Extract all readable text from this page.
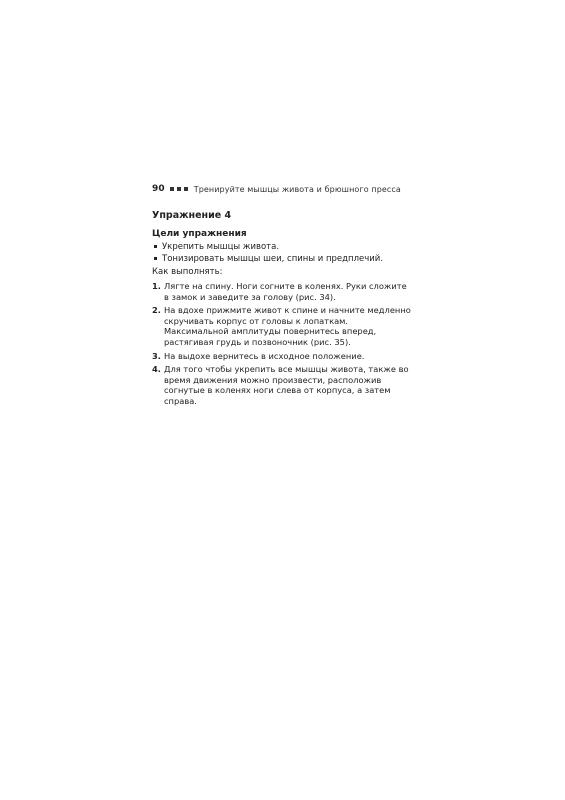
90	Тренируйте мышцы живота и брюшного пресса
Упражнение 4
Цели упражнения
Укрепить мышцы живота.
Тонизировать мышцы шеи, спины и предплечий.
Как выполнять:
1. Лягте на спину. Ноги согните в коленях. Руки сложите в замок и заведите за голову (рис. 34).
2. На вдохе прижмите живот к спине и начните медленно скручивать корпус от головы к лопаткам. Максимальной амплитуды повернитесь вперед, растягивая грудь и позвоночник (рис. 35).
3. На выдохе вернитесь в исходное положение.
4. Для того чтобы укрепить все мышцы живота, также во время движения можно произвести, расположив согнутые в коленях ноги слева от корпуса, а затем справа.
